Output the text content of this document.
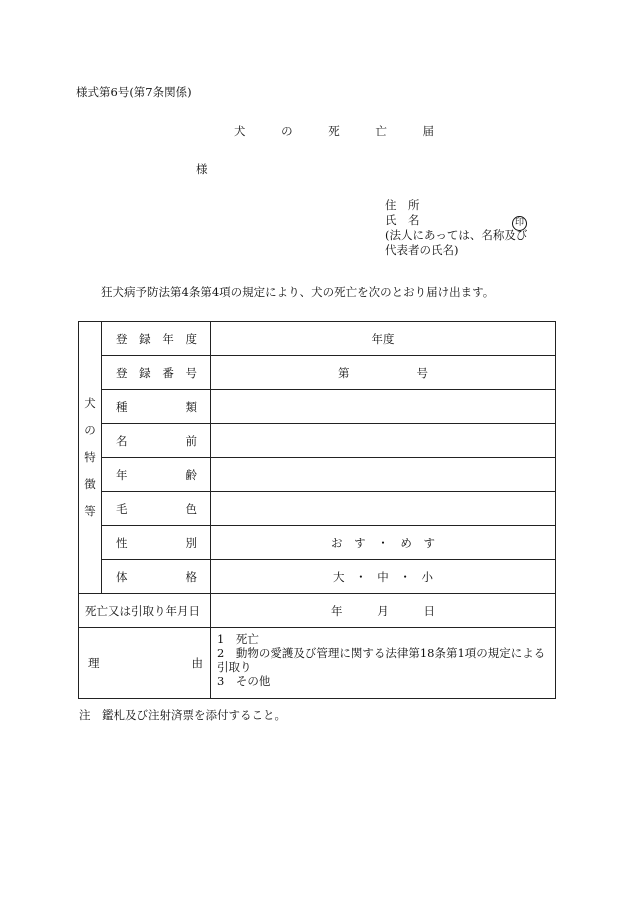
様式第6号(第7条関係)
犬	の	死	亡	届
様
住　所
氏　名
(法人にあっては、名称及び
代表者の氏名)
印
狂犬病予防法第4条第4項の規定により、犬の死亡を次のとおり届け出ます。
犬 の 特 徴 等	登 録 年 度	年度

	登 録 番 号	第 号

	種 類	

	名 前	

	年 齢	

	毛 色	

	性 別	お す ・ め す

	体 格	大 ・ 中 ・ 小

死亡又は引取り年月日		年 月 日

理 由		1　死亡
2　動物の愛護及び管理に関する法律第18条第1項の規定による引取り
3　その他
注　鑑札及び注射済票を添付すること。
